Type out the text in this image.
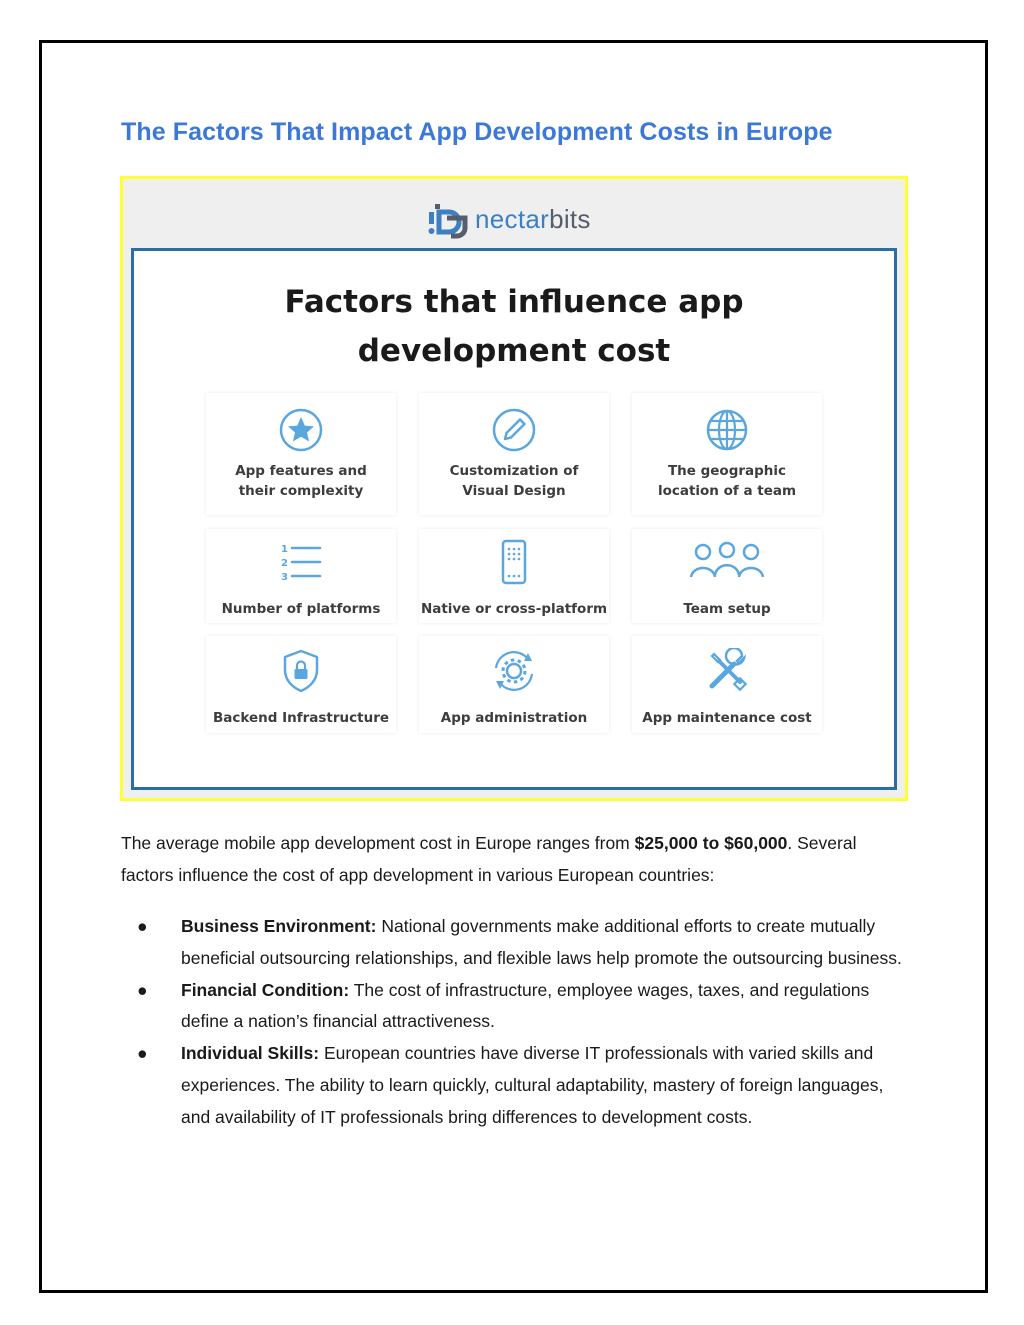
The Factors That Impact App Development Costs in Europe
nectarbits
Factors that influence app
development cost
App features and
their complexity
Customization of
Visual Design
The geographic
location of a team
1
2
3
Number of platforms	Native or cross-platform	Team setup
Backend Infrastructure	App administration	App maintenance cost

The average mobile app development cost in Europe ranges from $25,000 to $60,000. Several factors influence the cost of app development in various European countries:

● Business Environment: National governments make additional efforts to create mutually beneficial outsourcing relationships, and flexible laws help promote the outsourcing business.
● Financial Condition: The cost of infrastructure, employee wages, taxes, and regulations define a nation’s financial attractiveness.
● Individual Skills: European countries have diverse IT professionals with varied skills and experiences. The ability to learn quickly, cultural adaptability, mastery of foreign languages, and availability of IT professionals bring differences to development costs.
